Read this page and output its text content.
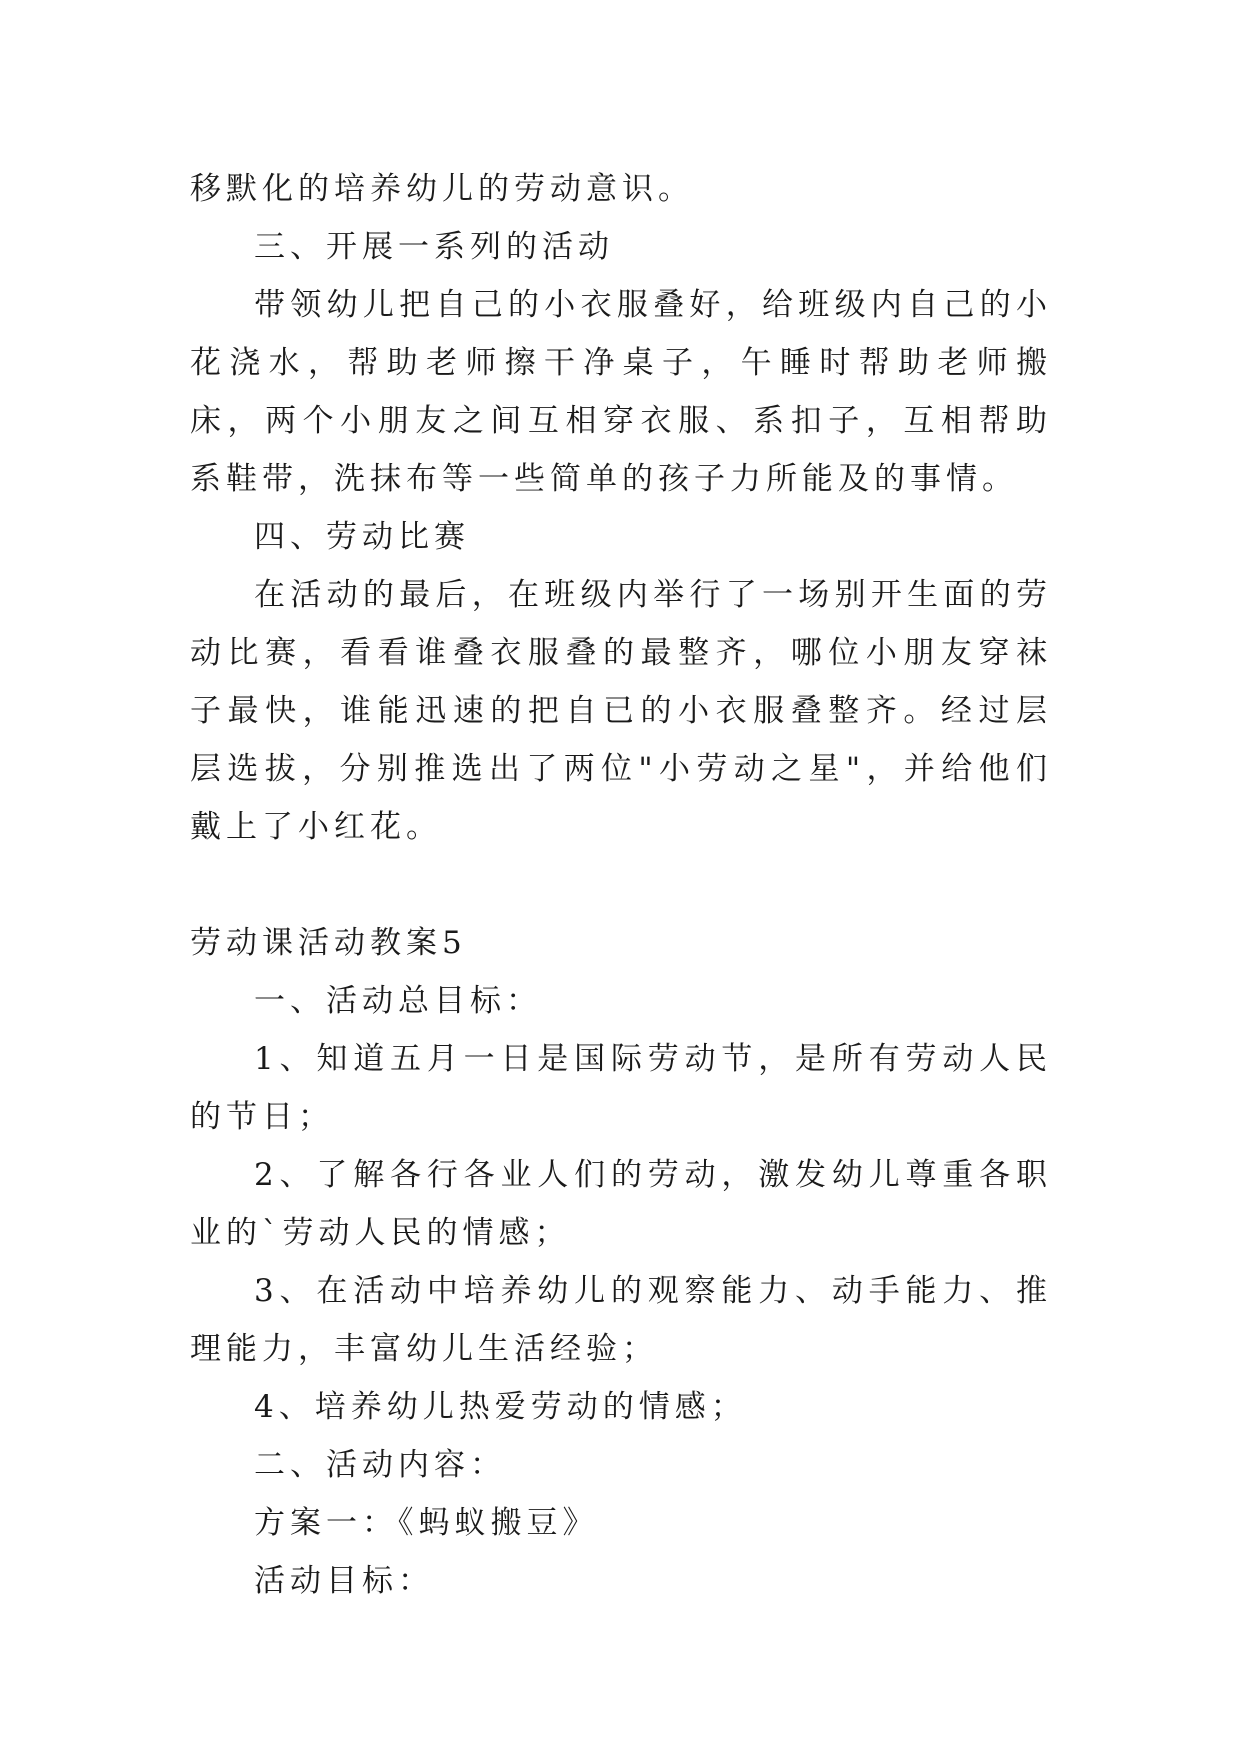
移默化的培养幼儿的劳动意识。

三、开展一系列的活动

带领幼儿把自己的小衣服叠好，给班级内自己的小花浇水，帮助老师擦干净桌子，午睡时帮助老师搬床，两个小朋友之间互相穿衣服、系扣子，互相帮助系鞋带，洗抹布等一些简单的孩子力所能及的事情。

四、劳动比赛

在活动的最后，在班级内举行了一场别开生面的劳动比赛，看看谁叠衣服叠的最整齐，哪位小朋友穿袜子最快，谁能迅速的把自已的小衣服叠整齐。经过层层选拔，分别推选出了两位"小劳动之星"，并给他们戴上了小红花。

劳动课活动教案5

一、活动总目标：

1、知道五月一日是国际劳动节，是所有劳动人民的节日；

2、了解各行各业人们的劳动，激发幼儿尊重各职业的`劳动人民的情感；

3、在活动中培养幼儿的观察能力、动手能力、推理能力，丰富幼儿生活经验；

4、培养幼儿热爱劳动的情感；

二、活动内容：

方案一：《蚂蚁搬豆》

活动目标：
